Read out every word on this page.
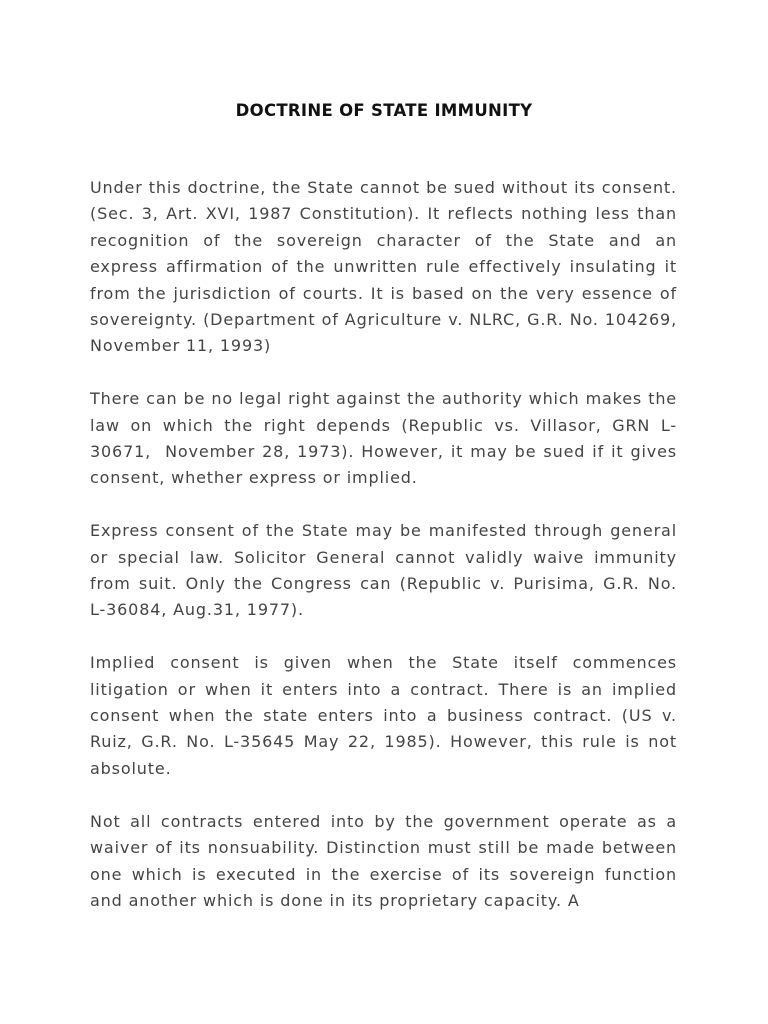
DOCTRINE OF STATE IMMUNITY

Under this doctrine, the State cannot be sued without its consent. (Sec. 3, Art. XVI, 1987 Constitution). It reflects nothing less than recognition of the sovereign character of the State and an express affirmation of the unwritten rule effectively insulating it from the jurisdiction of courts. It is based on the very essence of sovereignty. (Department of Agriculture v. NLRC, G.R. No. 104269, November 11, 1993)

There can be no legal right against the authority which makes the law on which the right depends (Republic vs. Villasor, GRN L-30671,  November 28, 1973). However, it may be sued if it gives consent, whether express or implied.

Express consent of the State may be manifested through general or special law. Solicitor General cannot validly waive immunity from suit. Only the Congress can (Republic v. Purisima, G.R. No.  L-36084, Aug.31, 1977).

Implied consent is given when the State itself commences litigation or when it enters into a contract. There is an implied consent when the state enters into a business contract. (US v. Ruiz, G.R. No. L-35645 May 22, 1985). However, this rule is not absolute.

Not all contracts entered into by the government operate as a waiver of its nonsuability. Distinction must still be made between one which is executed in the exercise of its sovereign function and another which is done in its proprietary capacity. A
